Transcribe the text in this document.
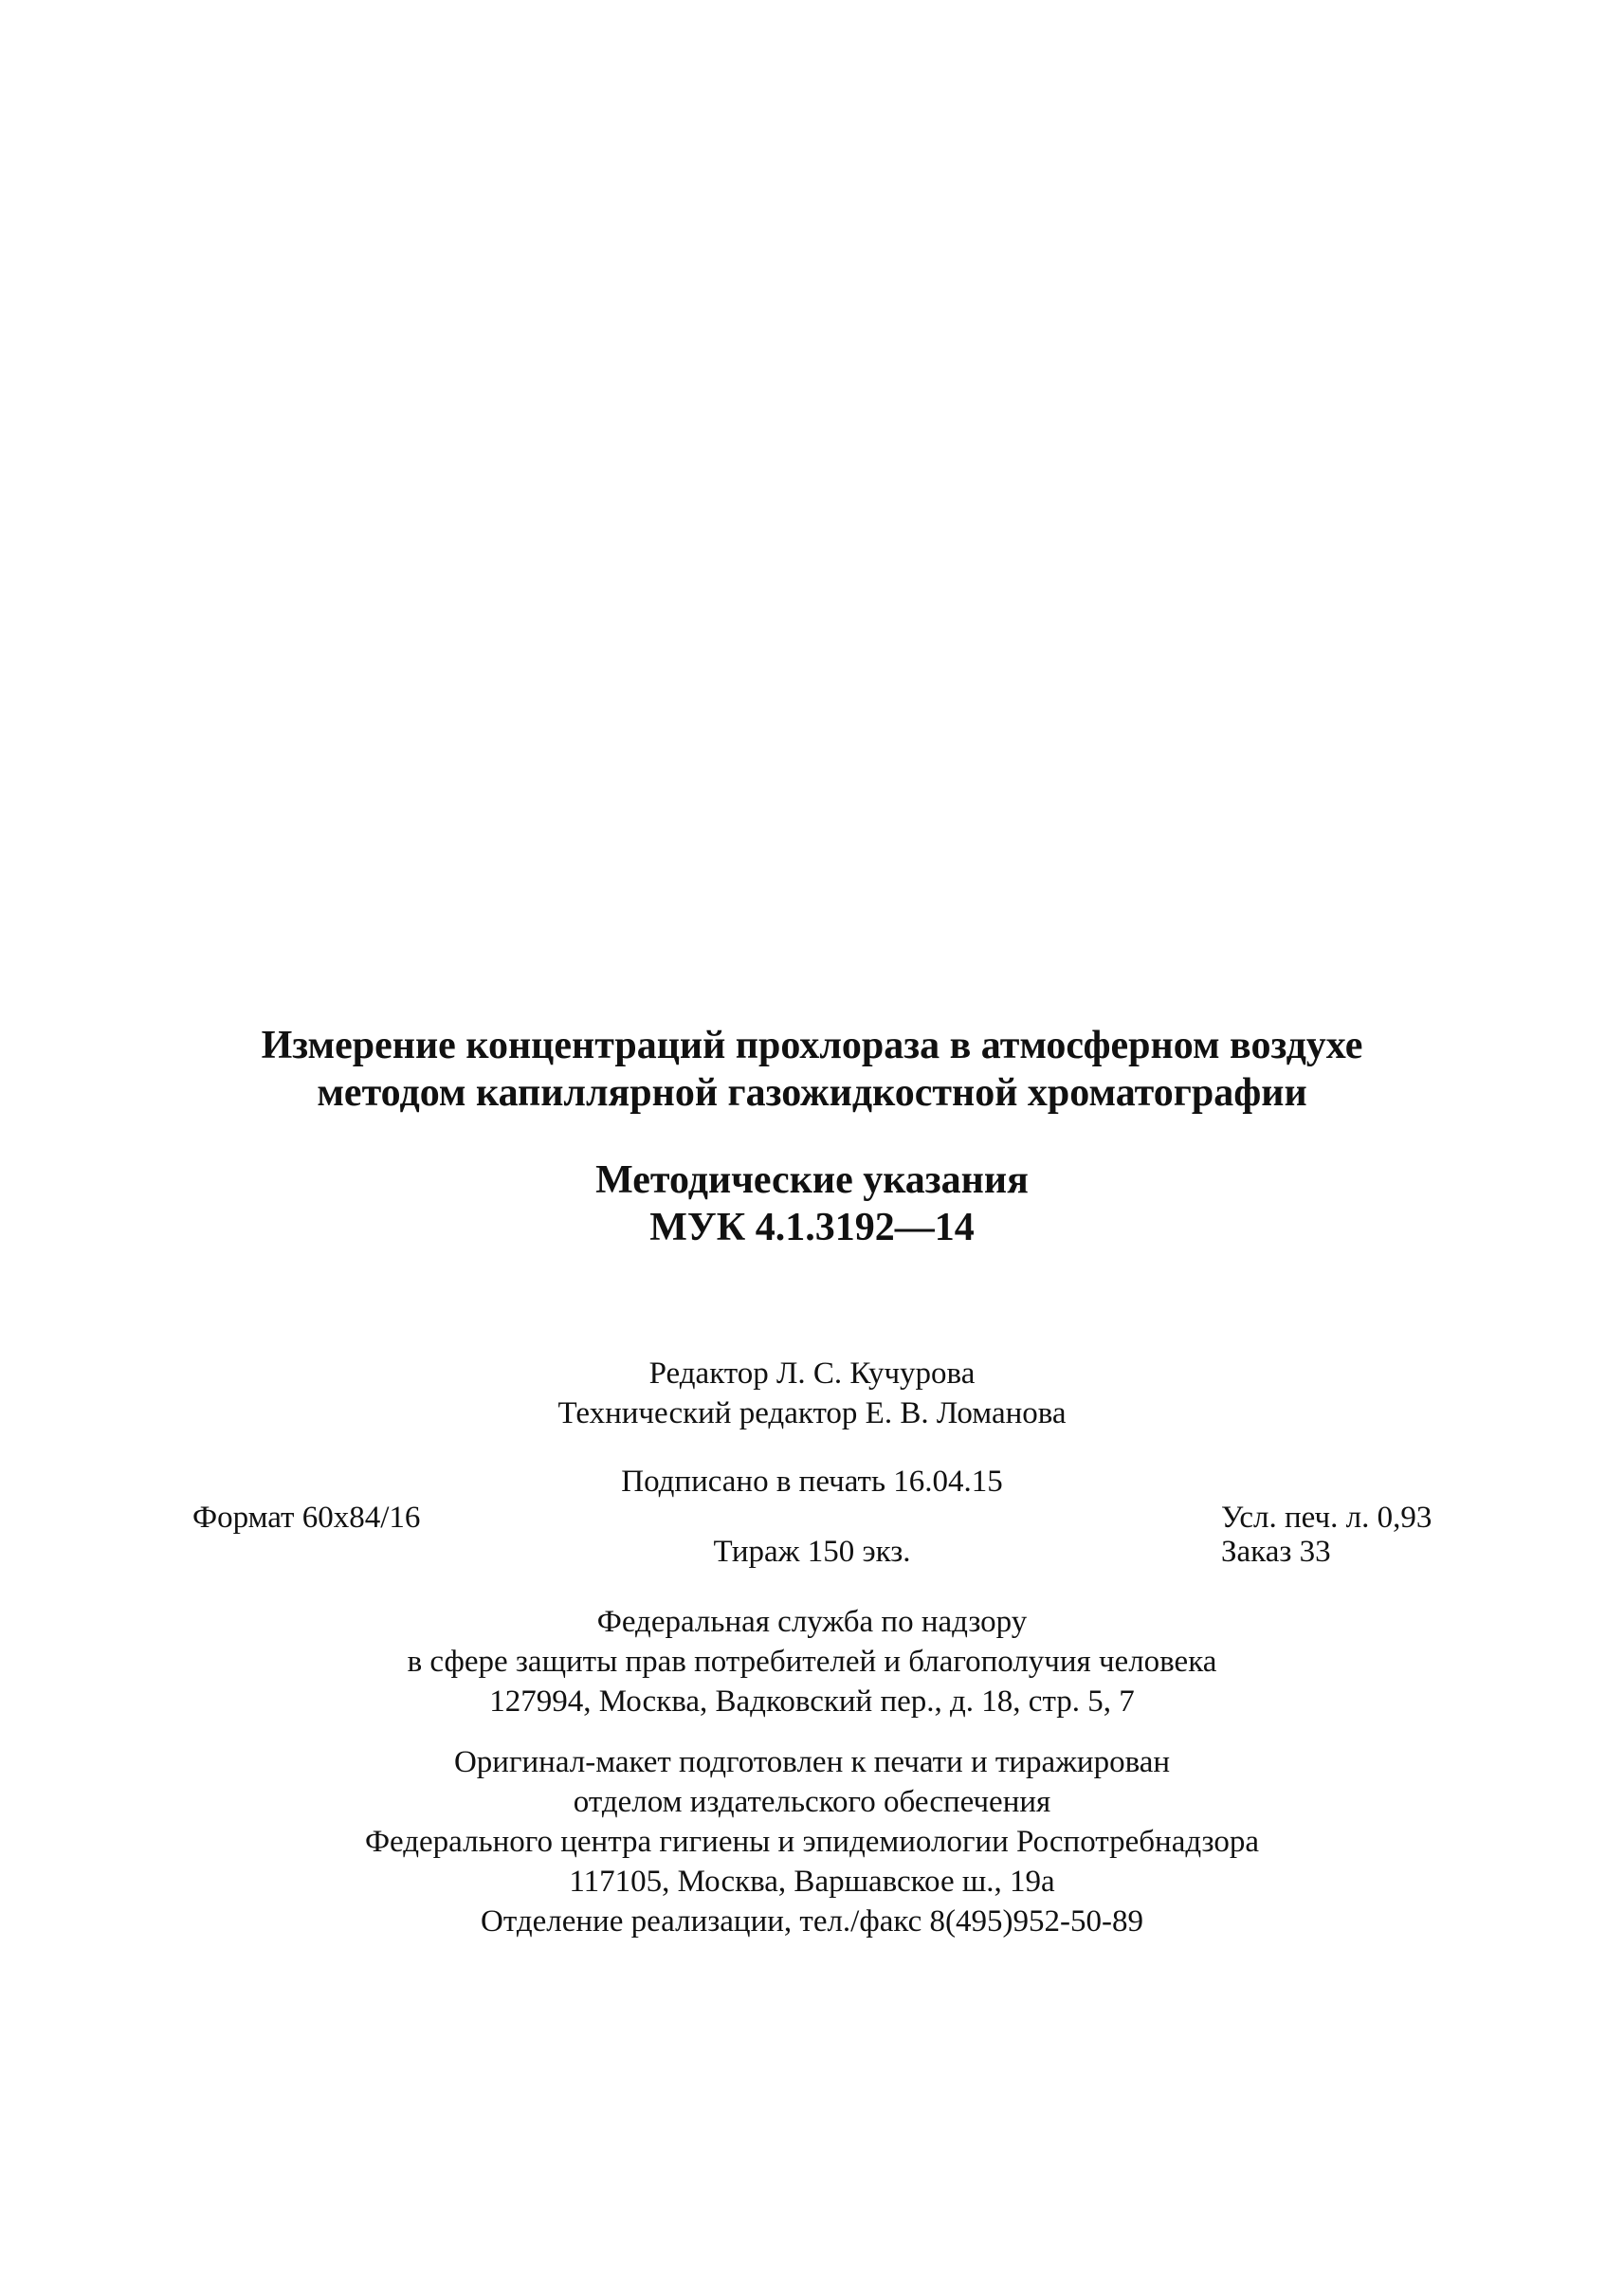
Измерение концентраций прохлораза в атмосферном воздухе
методом капиллярной газожидкостной хроматографии
Методические указания
МУК 4.1.3192—14
Редактор Л. С. Кучурова
Технический редактор Е. В. Ломанова
Подписано в печать 16.04.15
Формат 60x84/16	Усл. печ. л. 0,93
Тираж 150 экз.	Заказ 33
Федеральная служба по надзору
в сфере защиты прав потребителей и благополучия человека
127994, Москва, Вадковский пер., д. 18, стр. 5, 7
Оригинал-макет подготовлен к печати и тиражирован
отделом издательского обеспечения
Федерального центра гигиены и эпидемиологии Роспотребнадзора
117105, Москва, Варшавское ш., 19а
Отделение реализации, тел./факс 8(495)952-50-89
